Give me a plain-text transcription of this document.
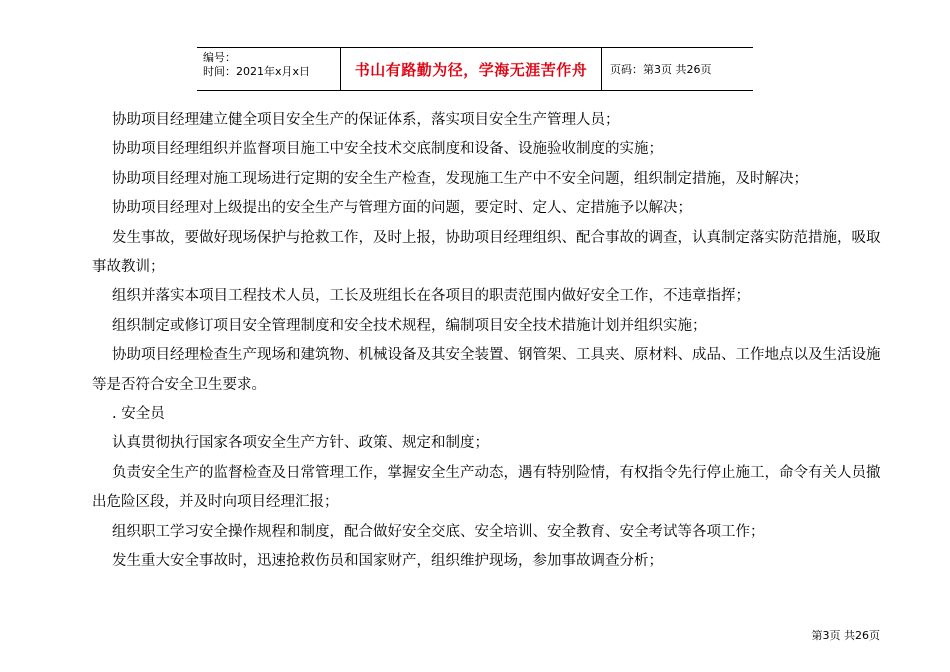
编号：
时间：2021年x月x日	书山有路勤为径，学海无涯苦作舟	页码：第3页 共26页

协助项目经理建立健全项目安全生产的保证体系，落实项目安全生产管理人员；

协助项目经理组织并监督项目施工中安全技术交底制度和设备、设施验收制度的实施；

协助项目经理对施工现场进行定期的安全生产检查，发现施工生产中不安全问题，组织制定措施，及时解决；

协助项目经理对上级提出的安全生产与管理方面的问题，要定时、定人、定措施予以解决；

发生事故，要做好现场保护与抢救工作，及时上报，协助项目经理组织、配合事故的调查，认真制定落实防范措施，吸取事故教训；

组织并落实本项目工程技术人员，工长及班组长在各项目的职责范围内做好安全工作，不违章指挥；

组织制定或修订项目安全管理制度和安全技术规程，编制项目安全技术措施计划并组织实施；

协助项目经理检查生产现场和建筑物、机械设备及其安全装置、钢管架、工具夹、原材料、成品、工作地点以及生活设施等是否符合安全卫生要求。

. 安全员

认真贯彻执行国家各项安全生产方针、政策、规定和制度；

负责安全生产的监督检查及日常管理工作，掌握安全生产动态，遇有特别险情，有权指令先行停止施工，命令有关人员撤出危险区段，并及时向项目经理汇报；

组织职工学习安全操作规程和制度，配合做好安全交底、安全培训、安全教育、安全考试等各项工作；

发生重大安全事故时，迅速抢救伤员和国家财产，组织维护现场，参加事故调查分析；

第3页 共26页
